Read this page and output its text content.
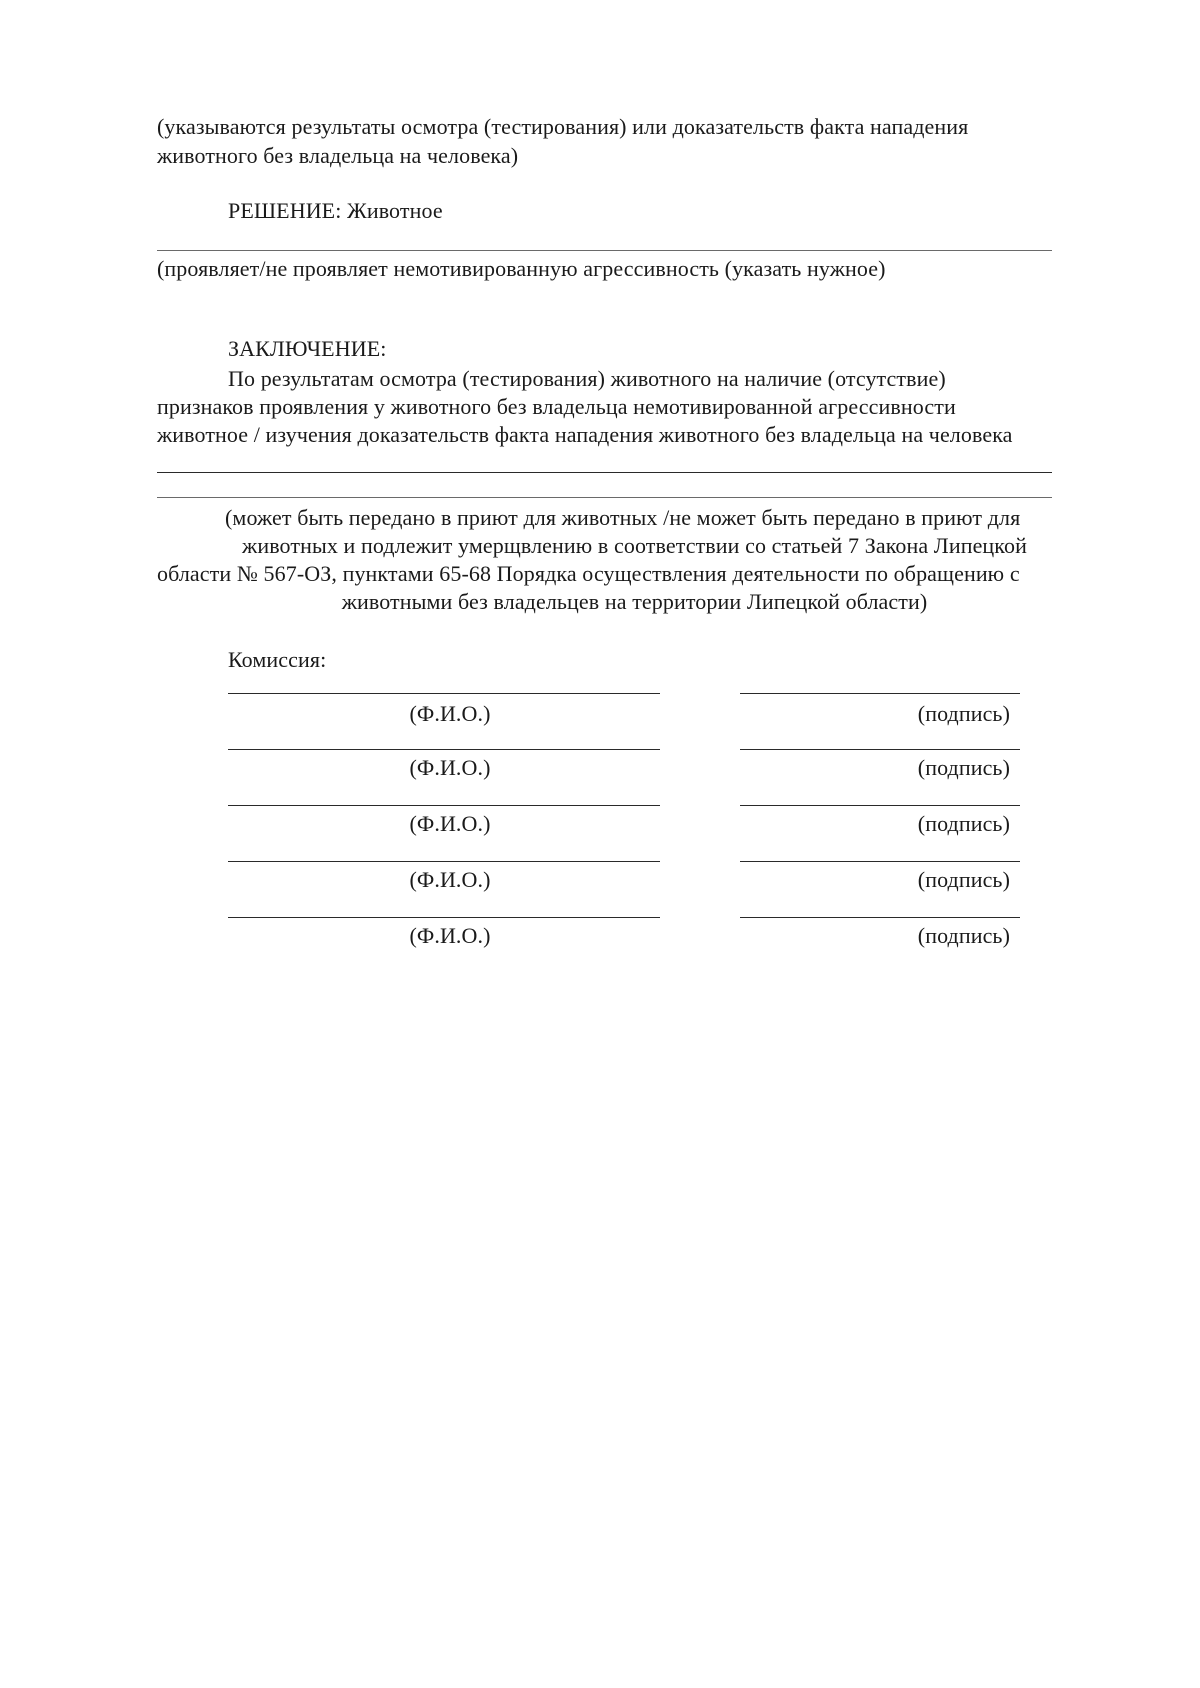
(указываются результаты осмотра (тестирования) или доказательств факта нападения
животного без владельца на человека)
РЕШЕНИЕ: Животное
(проявляет/не проявляет немотивированную агрессивность (указать нужное)
ЗАКЛЮЧЕНИЕ:
По результатам осмотра (тестирования) животного на наличие (отсутствие)
признаков проявления у животного без владельца немотивированной агрессивности
животное / изучения доказательств факта нападения животного без владельца на человека
(может быть передано в приют для животных /не может быть передано в приют для
животных и подлежит умерщвлению в соответствии со статьей 7 Закона Липецкой
области № 567-ОЗ, пунктами 65-68 Порядка осуществления деятельности по обращению с
животными без владельцев на территории Липецкой области)
Комиссия:
(Ф.И.О.)	(подпись)
(Ф.И.О.)	(подпись)
(Ф.И.О.)	(подпись)
(Ф.И.О.)	(подпись)
(Ф.И.О.)	(подпись)
